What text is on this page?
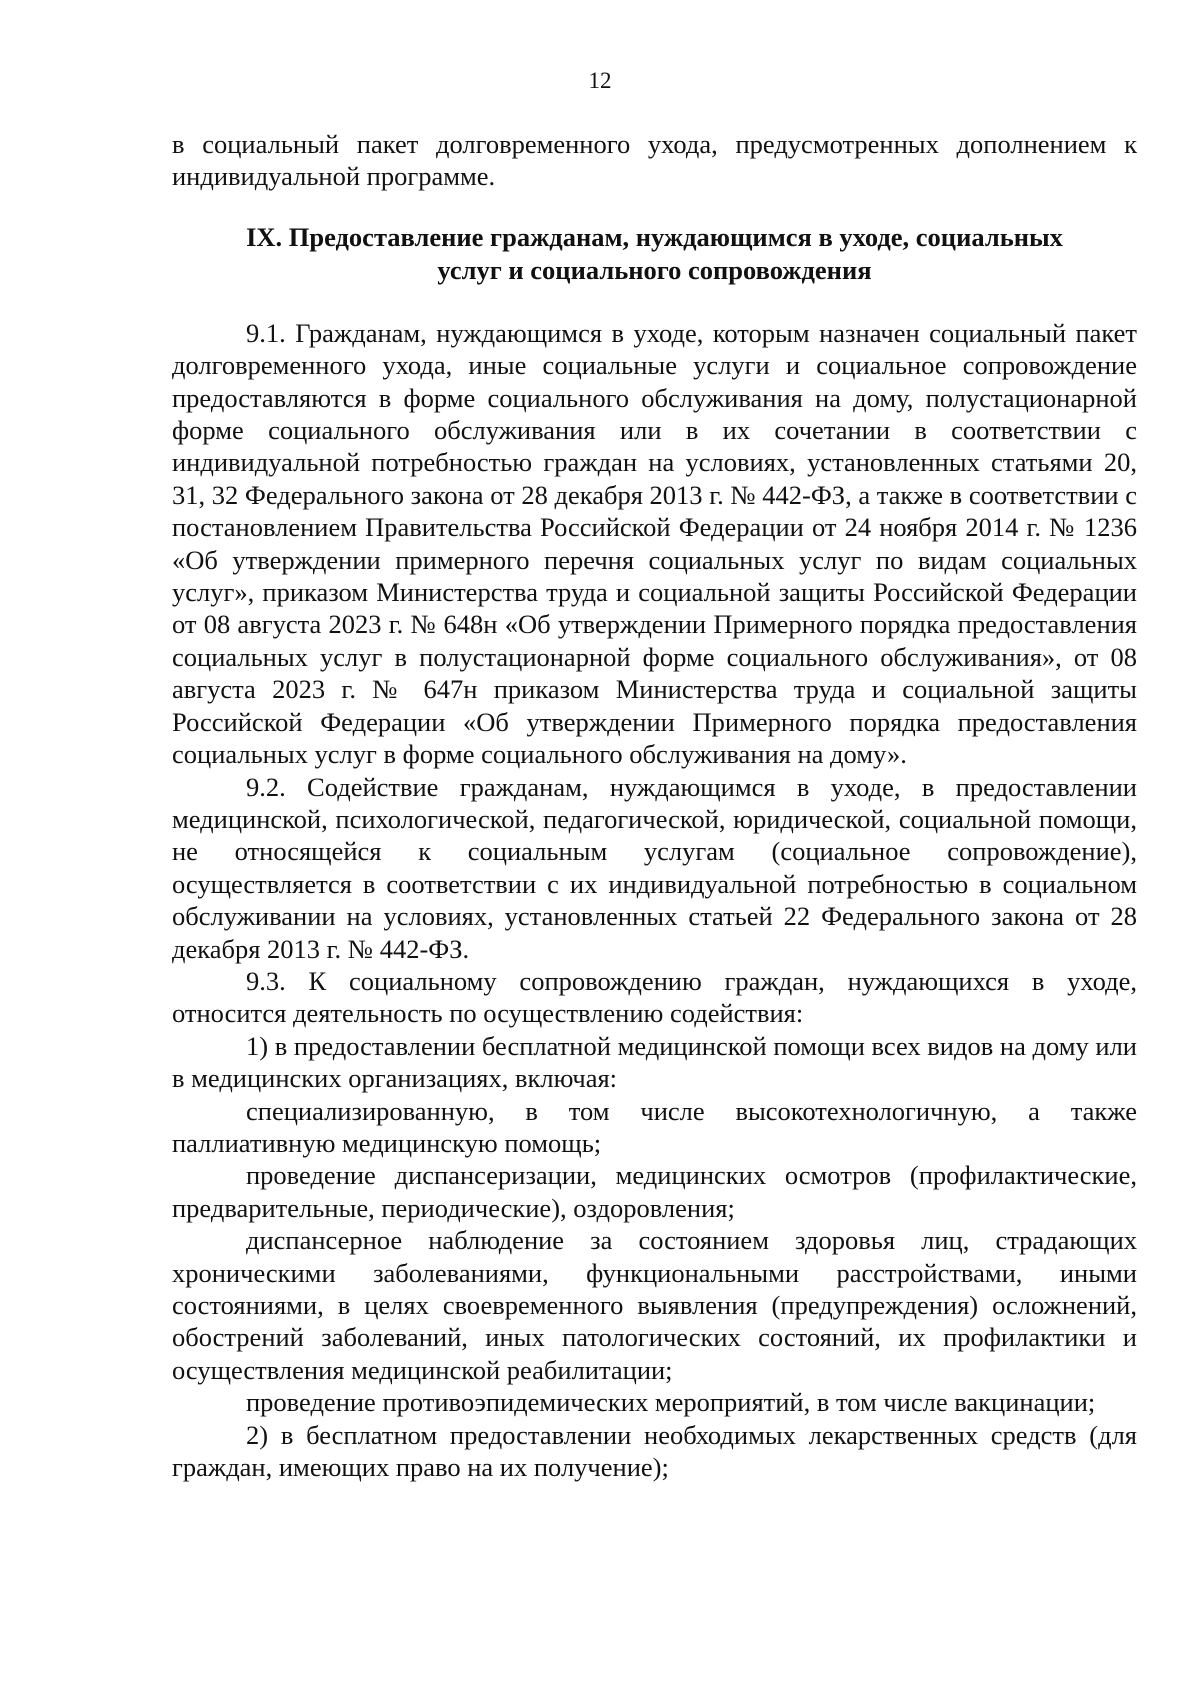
12

в социальный пакет долговременного ухода, предусмотренных дополнением к индивидуальной программе.

IX. Предоставление гражданам, нуждающимся в уходе, социальных
услуг и социального сопровождения

9.1. Гражданам, нуждающимся в уходе, которым назначен социальный пакет долговременного ухода, иные социальные услуги и социальное сопровождение предоставляются в форме социального обслуживания на дому, полустационарной форме социального обслуживания или в их сочетании в соответствии с индивидуальной потребностью граждан на условиях, установленных статьями 20, 31, 32 Федерального закона от 28 декабря 2013 г. № 442-ФЗ, а также в соответствии с постановлением Правительства Российской Федерации от 24 ноября 2014 г. № 1236 «Об утверждении примерного перечня социальных услуг по видам социальных услуг», приказом Министерства труда и социальной защиты Российской Федерации от 08 августа 2023 г. № 648н «Об утверждении Примерного порядка предоставления социальных услуг в полустационарной форме социального обслуживания», от 08 августа 2023 г. № 647н приказом Министерства труда и социальной защиты Российской Федерации «Об утверждении Примерного порядка предоставления социальных услуг в форме социального обслуживания на дому».

9.2. Содействие гражданам, нуждающимся в уходе, в предоставлении медицинской, психологической, педагогической, юридической, социальной помощи, не относящейся к социальным услугам (социальное сопровождение), осуществляется в соответствии с их индивидуальной потребностью в социальном обслуживании на условиях, установленных статьей 22 Федерального закона от 28 декабря 2013 г. № 442-ФЗ.

9.3. К социальному сопровождению граждан, нуждающихся в уходе, относится деятельность по осуществлению содействия:

1) в предоставлении бесплатной медицинской помощи всех видов на дому или в медицинских организациях, включая:

специализированную, в том числе высокотехнологичную, а также паллиативную медицинскую помощь;

проведение диспансеризации, медицинских осмотров (профилактические, предварительные, периодические), оздоровления;

диспансерное наблюдение за состоянием здоровья лиц, страдающих хроническими заболеваниями, функциональными расстройствами, иными состояниями, в целях своевременного выявления (предупреждения) осложнений, обострений заболеваний, иных патологических состояний, их профилактики и осуществления медицинской реабилитации;

проведение противоэпидемических мероприятий, в том числе вакцинации;

2) в бесплатном предоставлении необходимых лекарственных средств (для граждан, имеющих право на их получение);
